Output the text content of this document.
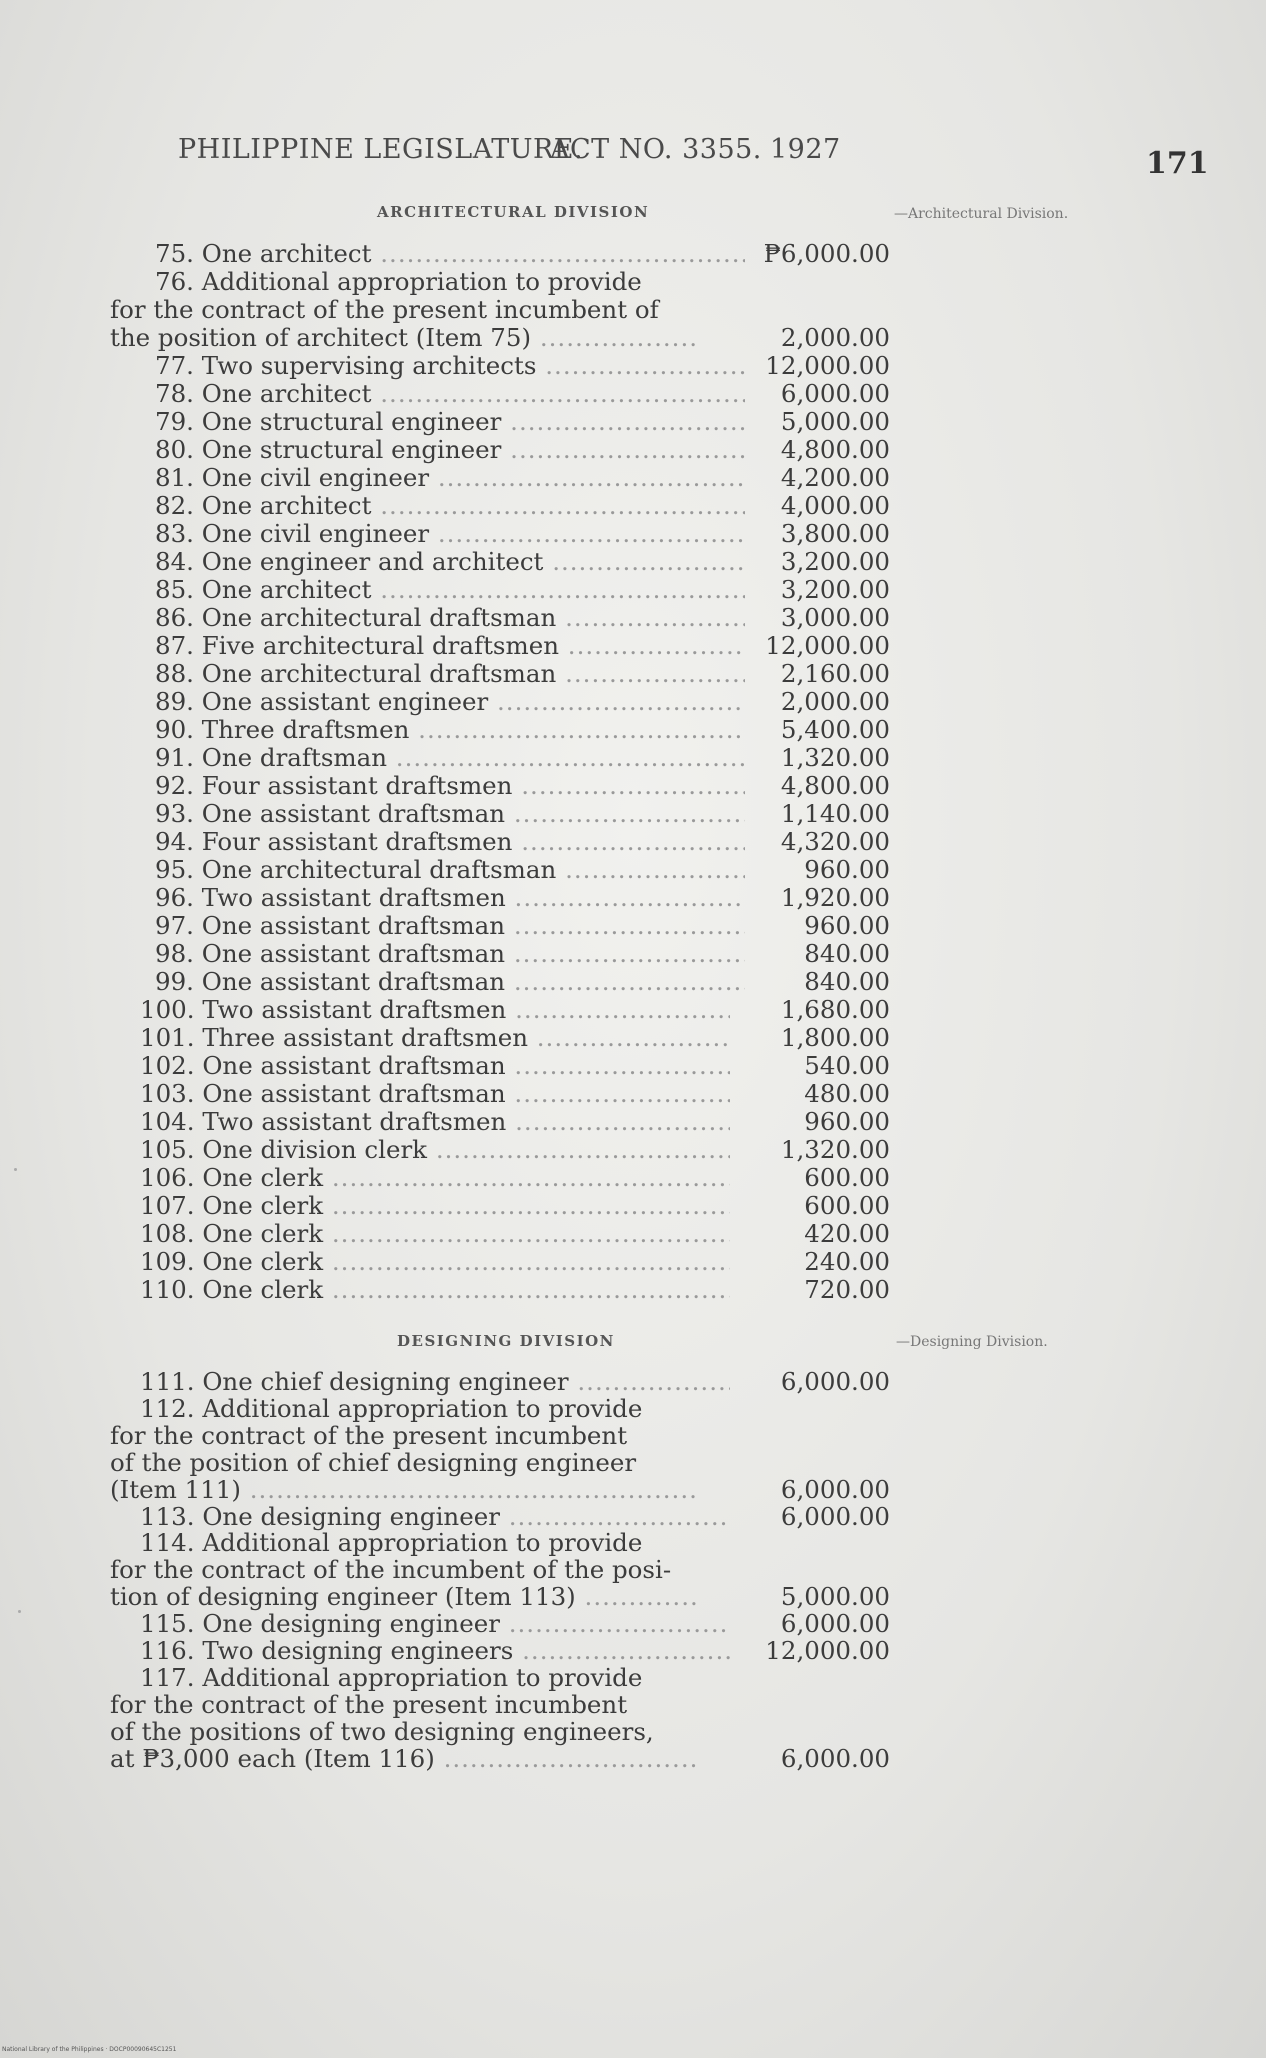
PHILIPPINE LEGISLATURE.
ACT NO. 3355. 1927	171
ARCHITECTURAL DIVISION	—Architectural Division.
75. One architect .....	₱6,000.00
76. Additional appropriation to provide
for the contract of the present incumbent of
the position of architect (Item 75) .....	2,000.00
77. Two supervising architects .....	12,000.00
78. One architect .....	6,000.00
79. One structural engineer .....	5,000.00
80. One structural engineer .....	4,800.00
81. One civil engineer .....	4,200.00
82. One architect .....	4,000.00
83. One civil engineer .....	3,800.00
84. One engineer and architect .....	3,200.00
85. One architect .....	3,200.00
86. One architectural draftsman .....	3,000.00
87. Five architectural draftsmen .....	12,000.00
88. One architectural draftsman .....	2,160.00
89. One assistant engineer .....	2,000.00
90. Three draftsmen .....	5,400.00
91. One draftsman .....	1,320.00
92. Four assistant draftsmen .....	4,800.00
93. One assistant draftsman .....	1,140.00
94. Four assistant draftsmen .....	4,320.00
95. One architectural draftsman .....	960.00
96. Two assistant draftsmen .....	1,920.00
97. One assistant draftsman .....	960.00
98. One assistant draftsman .....	840.00
99. One assistant draftsman .....	840.00
100. Two assistant draftsmen .....	1,680.00
101. Three assistant draftsmen .....	1,800.00
102. One assistant draftsman .....	540.00
103. One assistant draftsman .....	480.00
104. Two assistant draftsmen .....	960.00
105. One division clerk .....	1,320.00
106. One clerk .....	600.00
107. One clerk .....	600.00
108. One clerk .....	420.00
109. One clerk .....	240.00
110. One clerk .....	720.00
DESIGNING DIVISION	—Designing Division.
111. One chief designing engineer .....	6,000.00
112. Additional appropriation to provide
for the contract of the present incumbent
of the position of chief designing engineer
(Item 111) .....	6,000.00
113. One designing engineer .....	6,000.00
114. Additional appropriation to provide
for the contract of the incumbent of the posi-
tion of designing engineer (Item 113) .....	5,000.00
115. One designing engineer .....	6,000.00
116. Two designing engineers .....	12,000.00
117. Additional appropriation to provide
for the contract of the present incumbent
of the positions of two designing engineers,
at ₱3,000 each (Item 116) .....	6,000.00
National Library of the Philippines · DOCP00090645C1251
